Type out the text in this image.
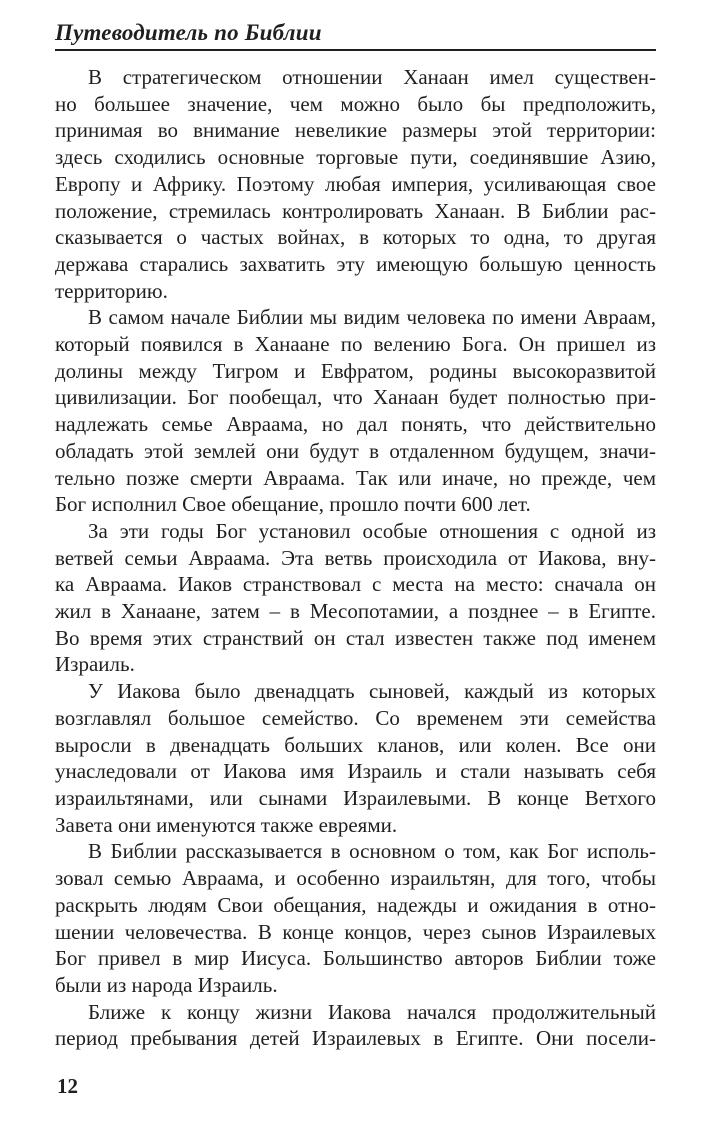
Путеводитель по Библии

В стратегическом отношении Ханаан имел существен-
но большее значение, чем можно было бы предположить,
принимая во внимание невеликие размеры этой территории:
здесь сходились основные торговые пути, соединявшие Азию,
Европу и Африку. Поэтому любая империя, усиливающая свое
положение, стремилась контролировать Ханаан. В Библии рас-
сказывается о частых войнах, в которых то одна, то другая
держава старались захватить эту имеющую большую ценность
территорию.

В самом начале Библии мы видим человека по имени Авраам,
который появился в Ханаане по велению Бога. Он пришел из
долины между Тигром и Евфратом, родины высокоразвитой
цивилизации. Бог пообещал, что Ханаан будет полностью при-
надлежать семье Авраама, но дал понять, что действительно
обладать этой землей они будут в отдаленном будущем, значи-
тельно позже смерти Авраама. Так или иначе, но прежде, чем
Бог исполнил Свое обещание, прошло почти 600 лет.

За эти годы Бог установил особые отношения с одной из
ветвей семьи Авраама. Эта ветвь происходила от Иакова, вну-
ка Авраама. Иаков странствовал с места на место: сначала он
жил в Ханаане, затем – в Месопотамии, а позднее – в Египте.
Во время этих странствий он стал известен также под именем
Израиль.

У Иакова было двенадцать сыновей, каждый из которых
возглавлял большое семейство. Со временем эти семейства
выросли в двенадцать больших кланов, или колен. Все они
унаследовали от Иакова имя Израиль и стали называть себя
израильтянами, или сынами Израилевыми. В конце Ветхого
Завета они именуются также евреями.

В Библии рассказывается в основном о том, как Бог исполь-
зовал семью Авраама, и особенно израильтян, для того, чтобы
раскрыть людям Свои обещания, надежды и ожидания в отно-
шении человечества. В конце концов, через сынов Израилевых
Бог привел в мир Иисуса. Большинство авторов Библии тоже
были из народа Израиль.

Ближе к концу жизни Иакова начался продолжительный
период пребывания детей Израилевых в Египте. Они посели-

12
